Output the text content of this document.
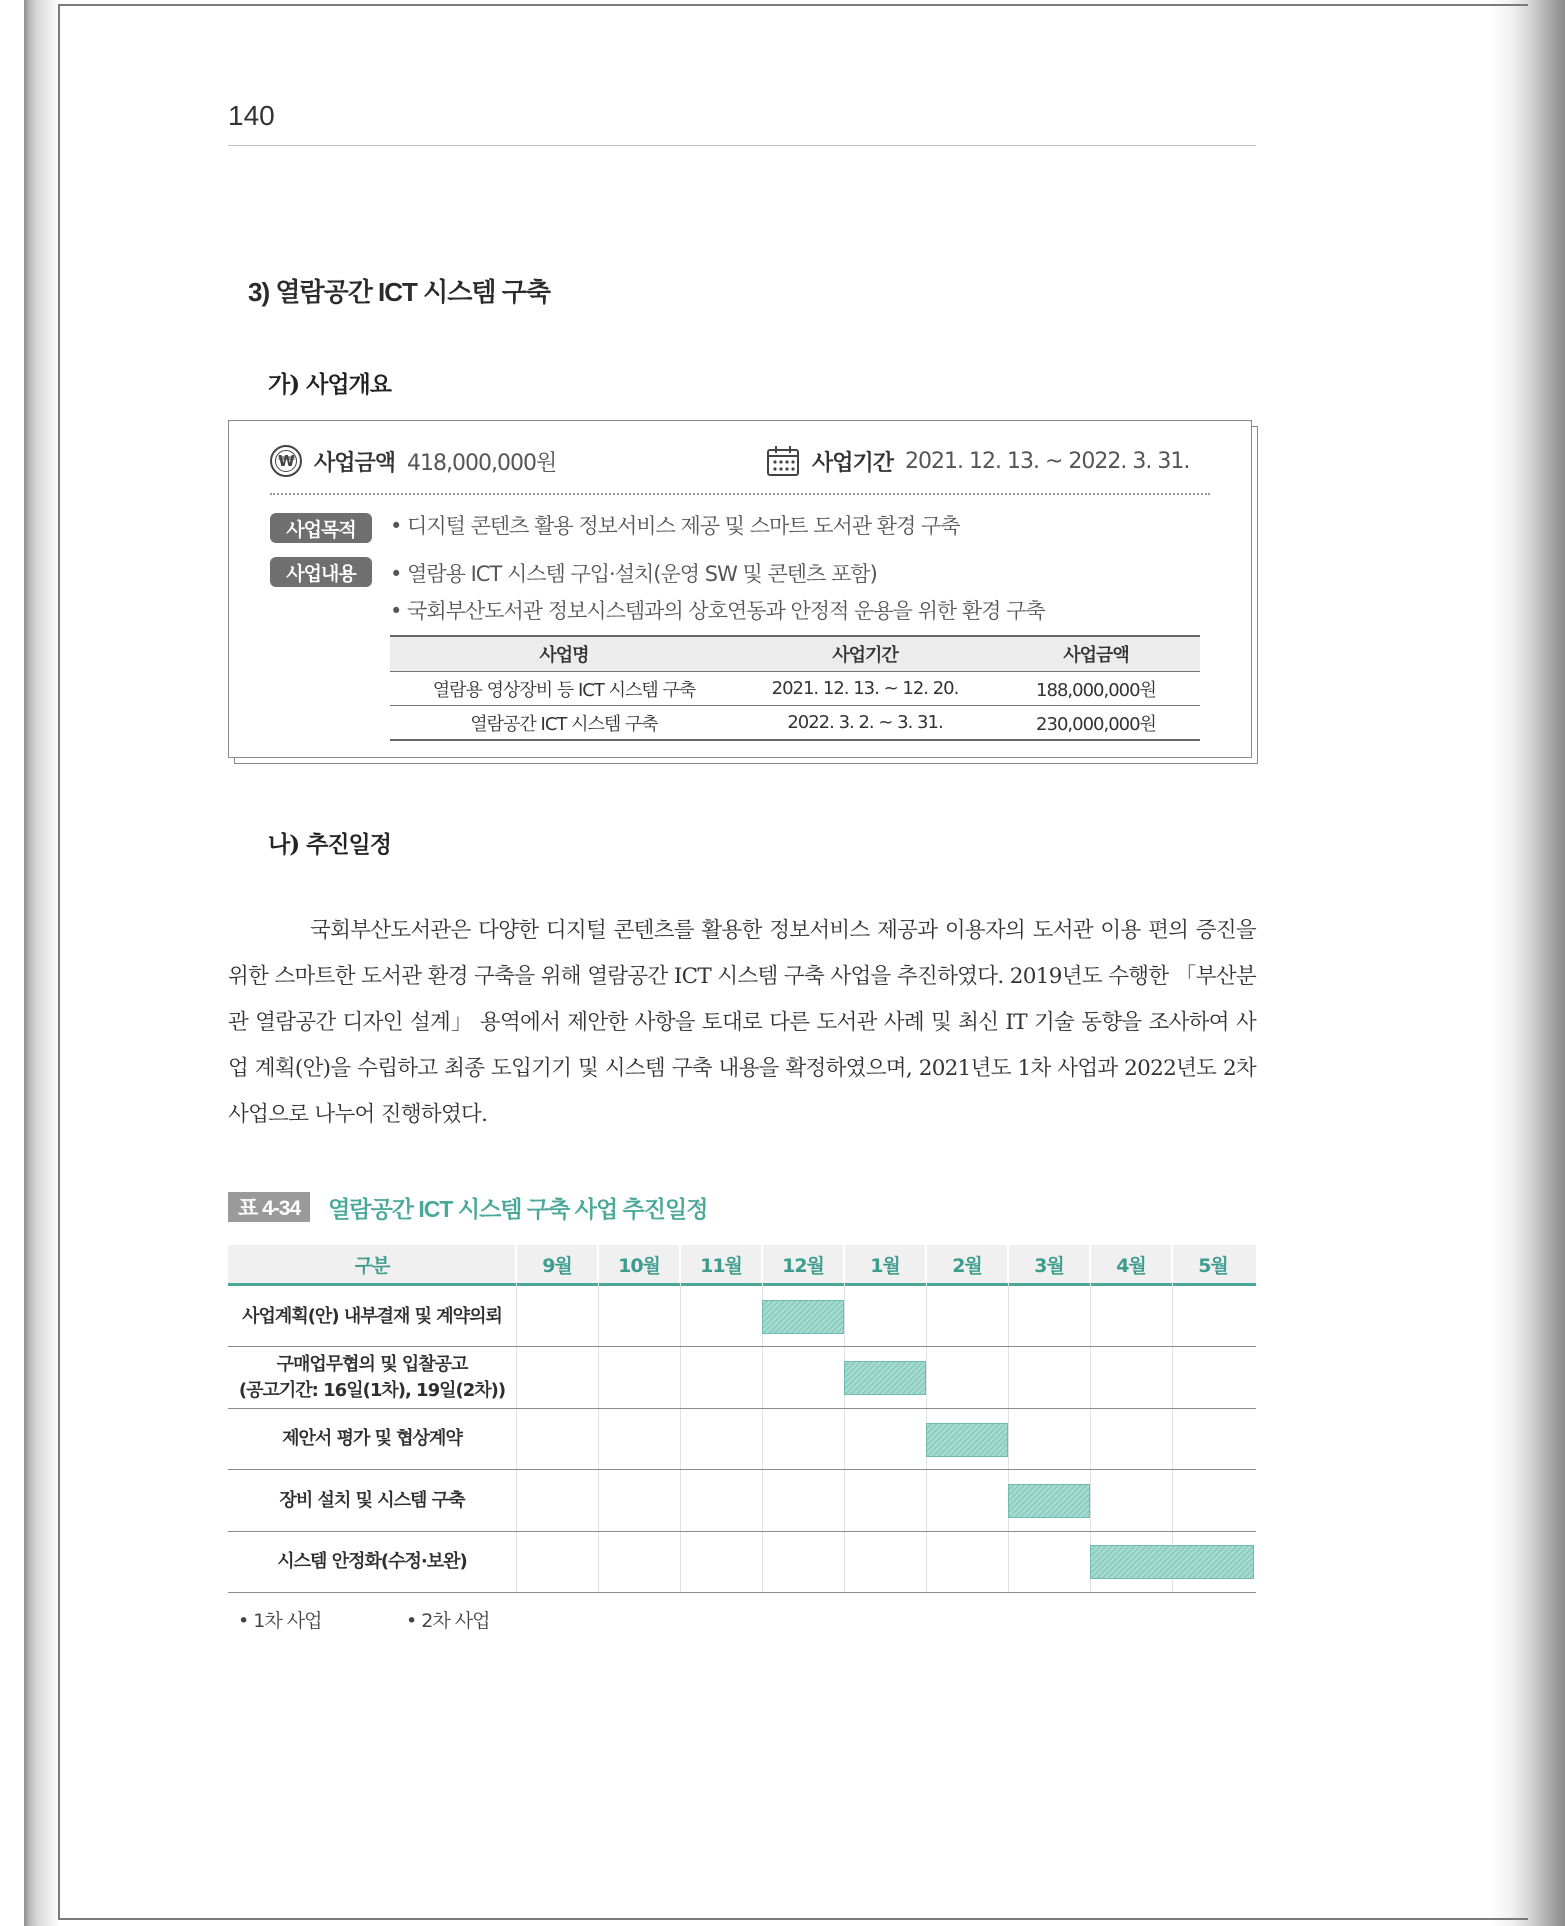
140
3) 열람공간 ICT 시스템 구축
가) 사업개요
₩ 사업금액 418,000,000원	사업기간 2021. 12. 13. ~ 2022. 3. 31.
사업목적	• 디지털 콘텐츠 활용 정보서비스 제공 및 스마트 도서관 환경 구축
사업내용	• 열람용 ICT 시스템 구입·설치(운영 SW 및 콘텐츠 포함)
• 국회부산도서관 정보시스템과의 상호연동과 안정적 운용을 위한 환경 구축
사업명	사업기간	사업금액
열람용 영상장비 등 ICT 시스템 구축	2021. 12. 13. ~ 12. 20.	188,000,000원
열람공간 ICT 시스템 구축	2022. 3. 2. ~ 3. 31.	230,000,000원
나) 추진일정

국회부산도서관은 다양한 디지털 콘텐츠를 활용한 정보서비스 제공과 이용자의 도서관 이용 편의 증진을 위한 스마트한 도서관 환경 구축을 위해 열람공간 ICT 시스템 구축 사업을 추진하였다. 2019년도 수행한 「부산분관 열람공간 디자인 설계」 용역에서 제안한 사항을 토대로 다른 도서관 사례 및 최신 IT 기술 동향을 조사하여 사업 계획(안)을 수립하고 최종 도입기기 및 시스템 구축 내용을 확정하였으며, 2021년도 1차 사업과 2022년도 2차 사업으로 나누어 진행하였다.

표 4-34	열람공간 ICT 시스템 구축 사업 추진일정
구분	9월	10월	11월	12월	1월	2월	3월	4월	5월
사업계획(안) 내부결재 및 계약의뢰
구매업무협의 및 입찰공고
(공고기간: 16일(1차), 19일(2차))
제안서 평가 및 협상계약
장비 설치 및 시스템 구축
시스템 안정화(수정·보완)
• 1차 사업	• 2차 사업
